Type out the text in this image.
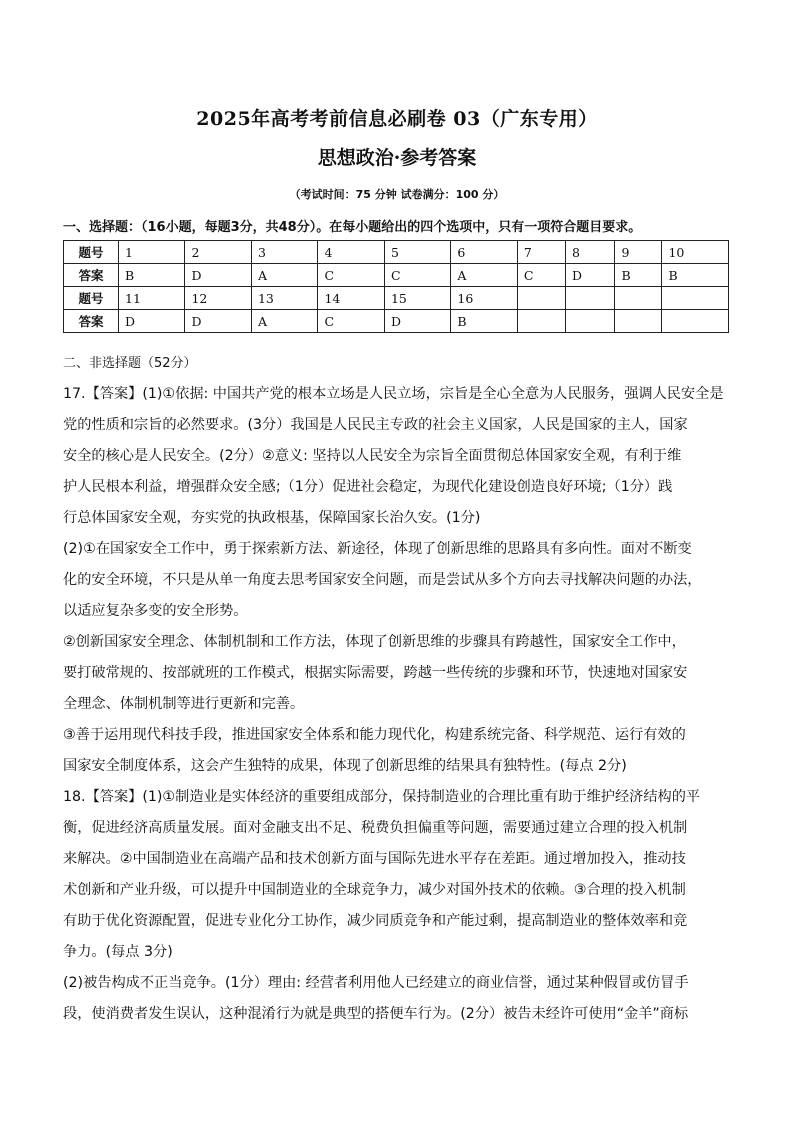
2025年高考考前信息必刷卷 03（广东专用）
思想政治·参考答案
（考试时间：75 分钟 试卷满分：100 分）
一、选择题：（16小题，每题3分，共48分）。在每小题给出的四个选项中，只有一项符合题目要求。
题号	1	2	3	4	5	6	7	8	9	10
答案	B	D	A	C	C	A	C	D	B	B
题号	11	12	13	14	15	16				
答案	D	D	A	C	D	B				
二、非选择题（52分）
17.【答案】(1)①依据: 中国共产党的根本立场是人民立场，宗旨是全心全意为人民服务，强调人民安全是
党的性质和宗旨的必然要求。(3分）我国是人民民主专政的社会主义国家，人民是国家的主人，国家
安全的核心是人民安全。(2分）②意义: 坚持以人民安全为宗旨全面贯彻总体国家安全观，有利于维
护人民根本利益，增强群众安全感;（1分）促进社会稳定，为现代化建设创造良好环境;（1分）践
行总体国家安全观，夯实党的执政根基，保障国家长治久安。(1分)
(2)①在国家安全工作中，勇于探索新方法、新途径，体现了创新思维的思路具有多向性。面对不断变
化的安全环境，不只是从单一角度去思考国家安全问题，而是尝试从多个方向去寻找解决问题的办法，
以适应复杂多变的安全形势。
②创新国家安全理念、体制机制和工作方法，体现了创新思维的步骤具有跨越性，国家安全工作中，
要打破常规的、按部就班的工作模式，根据实际需要，跨越一些传统的步骤和环节，快速地对国家安
全理念、体制机制等进行更新和完善。
③善于运用现代科技手段，推进国家安全体系和能力现代化，构建系统完备、科学规范、运行有效的
国家安全制度体系，这会产生独特的成果，体现了创新思维的结果具有独特性。(每点 2分)
18.【答案】(1)①制造业是实体经济的重要组成部分，保持制造业的合理比重有助于维护经济结构的平
衡，促进经济高质量发展。面对金融支出不足、税费负担偏重等问题，需要通过建立合理的投入机制
来解决。②中国制造业在高端产品和技术创新方面与国际先进水平存在差距。通过增加投入，推动技
术创新和产业升级，可以提升中国制造业的全球竞争力，减少对国外技术的依赖。③合理的投入机制
有助于优化资源配置，促进专业化分工协作，减少同质竞争和产能过剩，提高制造业的整体效率和竞
争力。(每点 3分)
(2)被告构成不正当竞争。(1分）理由: 经营者利用他人已经建立的商业信誉，通过某种假冒或仿冒手
段，使消费者发生误认，这种混淆行为就是典型的搭便车行为。(2分）被告未经许可使用“金羊”商标
